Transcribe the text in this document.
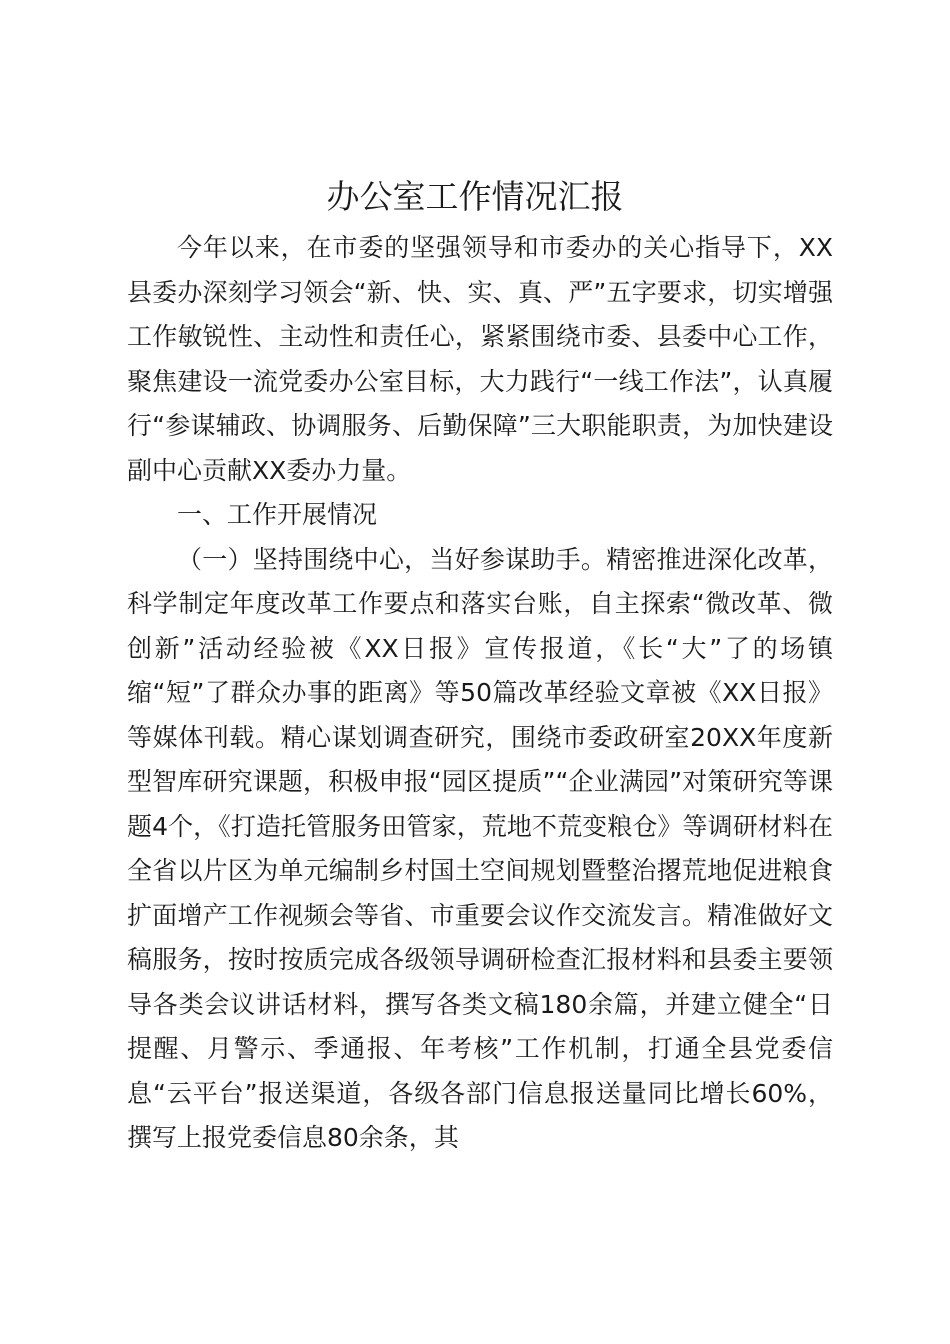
办公室工作情况汇报

今年以来，在市委的坚强领导和市委办的关心指导下，XX县委办深刻学习领会“新、快、实、真、严”五字要求，切实增强工作敏锐性、主动性和责任心，紧紧围绕市委、县委中心工作，聚焦建设一流党委办公室目标，大力践行“一线工作法”，认真履行“参谋辅政、协调服务、后勤保障”三大职能职责，为加快建设副中心贡献XX委办力量。

一、工作开展情况

（一）坚持围绕中心，当好参谋助手。精密推进深化改革，科学制定年度改革工作要点和落实台账，自主探索“微改革、微创新”活动经验被《XX日报》宣传报道，《长“大”了的场镇缩“短”了群众办事的距离》等50篇改革经验文章被《XX日报》等媒体刊载。精心谋划调查研究，围绕市委政研室20XX年度新型智库研究课题，积极申报“园区提质”“企业满园”对策研究等课题4个，《打造托管服务田管家，荒地不荒变粮仓》等调研材料在全省以片区为单元编制乡村国土空间规划暨整治撂荒地促进粮食扩面增产工作视频会等省、市重要会议作交流发言。精准做好文稿服务，按时按质完成各级领导调研检查汇报材料和县委主要领导各类会议讲话材料，撰写各类文稿180余篇，并建立健全“日提醒、月警示、季通报、年考核”工作机制，打通全县党委信息“云平台”报送渠道，各级各部门信息报送量同比增长60%，撰写上报党委信息80余条，其
